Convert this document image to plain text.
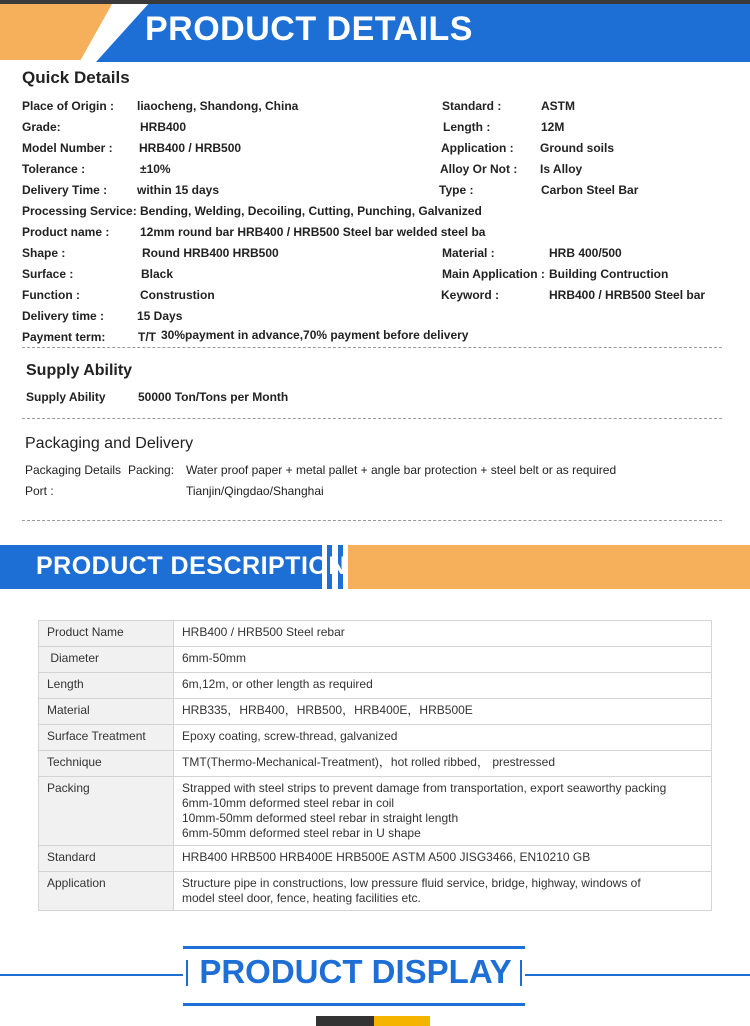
PRODUCT DETAILS
Quick Details
Place of Origin : liaocheng, Shandong, China	Standard :	ASTM
Grade:	HRB400	Length :	12M
Model Number : HRB400 / HRB500	Application : Ground soils
Tolerance :	±10%	Alloy Or Not : Is Alloy
Delivery Time : within 15 days	Type :	Carbon Steel Bar
Processing Service: Bending, Welding, Decoiling, Cutting, Punching, Galvanized
Product name :	12mm round bar HRB400 / HRB500 Steel bar welded steel ba
Shape :	Round HRB400 HRB500	Material :	HRB 400/500
Surface :	Black	Main Application : Building Contruction
Function :	Construstion	Keyword :	HRB400 / HRB500 Steel bar
Delivery time :	15 Days
Payment term:	T/T 30%payment in advance,70% payment before delivery
Supply Ability
Supply Ability	50000 Ton/Tons per Month
Packaging and Delivery
Packaging Details Packing: Water proof paper + metal pallet + angle bar protection + steel belt or as required
Port :	Tianjin/Qingdao/Shanghai
PRODUCT DESCRIPTION
Product Name	HRB400 / HRB500 Steel rebar
Diameter	6mm-50mm
Length	6m,12m, or other length as required
Material	HRB335，HRB400，HRB500，HRB400E，HRB500E
Surface Treatment	Epoxy coating, screw-thread, galvanized
Technique	TMT(Thermo-Mechanical-Treatment)，hot rolled ribbed， prestressed
Packing	Strapped with steel strips to prevent damage from transportation, export seaworthy packing
6mm-10mm deformed steel rebar in coil
10mm-50mm deformed steel rebar in straight length
6mm-50mm deformed steel rebar in U shape

Standard	HRB400 HRB500 HRB400E HRB500E ASTM A500 JISG3466, EN10210 GB
Application	Structure pipe in constructions, low pressure fluid service, bridge, highway, windows of
model steel door, fence, heating facilities etc.
PRODUCT DISPLAY
